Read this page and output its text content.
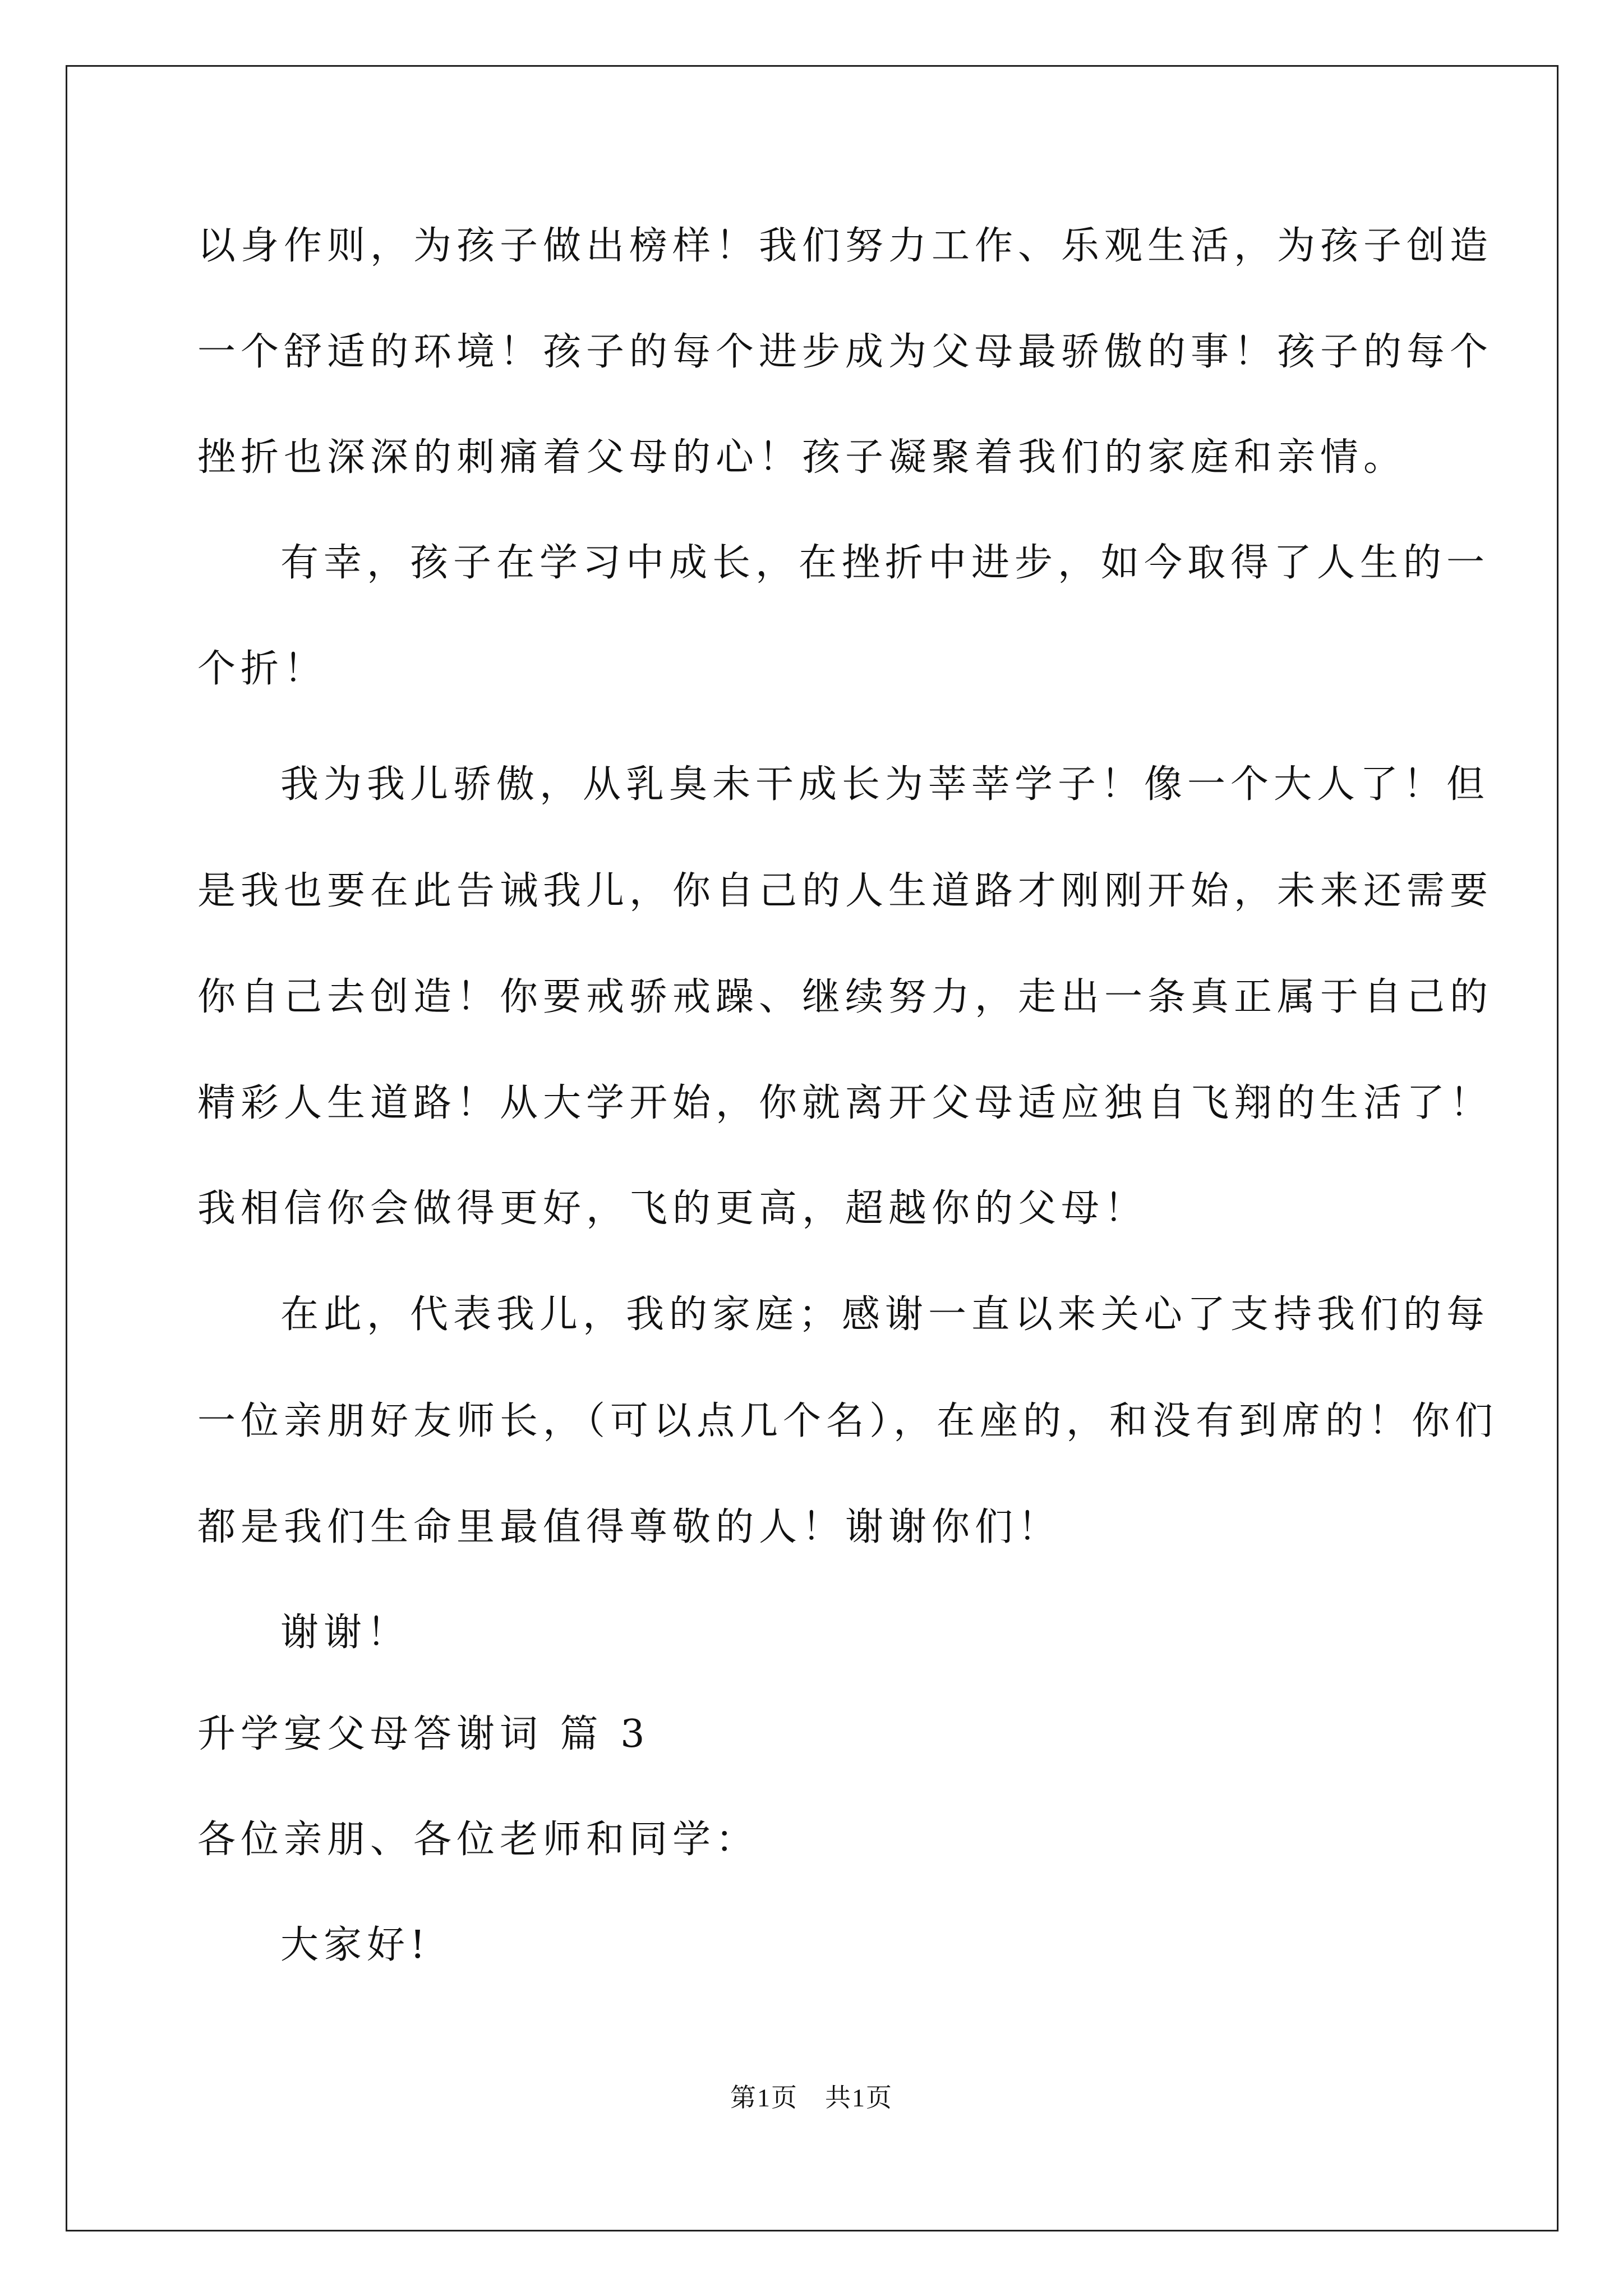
以身作则，为孩子做出榜样！我们努力工作、乐观生活，为孩子创造
一个舒适的环境！孩子的每个进步成为父母最骄傲的事！孩子的每个
挫折也深深的刺痛着父母的心！孩子凝聚着我们的家庭和亲情。
有幸，孩子在学习中成长，在挫折中进步，如今取得了人生的一
个折！
我为我儿骄傲，从乳臭未干成长为莘莘学子！像一个大人了！但
是我也要在此告诫我儿，你自己的人生道路才刚刚开始，未来还需要
你自己去创造！你要戒骄戒躁、继续努力，走出一条真正属于自己的
精彩人生道路！从大学开始，你就离开父母适应独自飞翔的生活了！
我相信你会做得更好，飞的更高，超越你的父母！
在此，代表我儿，我的家庭；感谢一直以来关心了支持我们的每
一位亲朋好友师长，（可以点几个名），在座的，和没有到席的！你们
都是我们生命里最值得尊敬的人！谢谢你们！
谢谢！
升学宴父母答谢词 篇 3
各位亲朋、各位老师和同学：
大家好!
第1页　共1页
